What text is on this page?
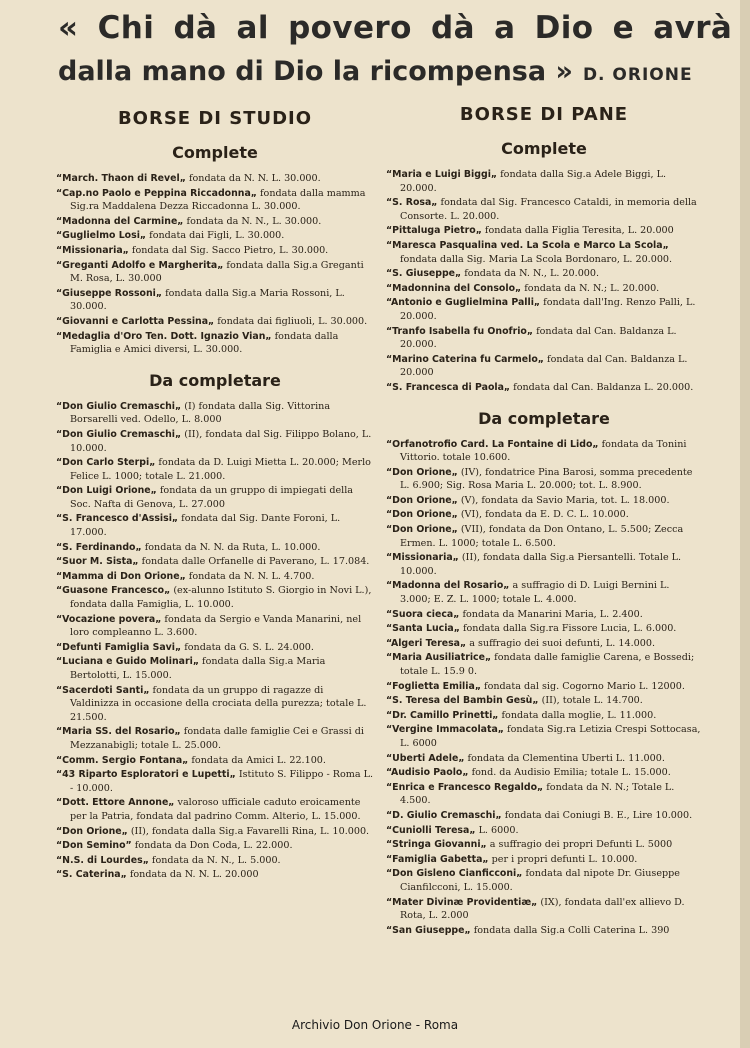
« Chi dà al povero dà a Dio e avrà
dalla mano di Dio la ricompensa » D. ORIONE
BORSE DI STUDIO
Complete
“March. Thaon di Revel„ fondata da N. N. L. 30.000.
“Cap.no Paolo e Peppina Riccadonna„ fondata dalla mamma Sig.ra Maddalena Dezza Riccadonna L. 30.000.
“Madonna del Carmine„ fondata da N. N., L. 30.000.
“Guglielmo Losi„ fondata dai Figli, L. 30.000.
“Missionaria„ fondata dal Sig. Sacco Pietro, L. 30.000.
“Greganti Adolfo e Margherita„ fondata dalla Sig.a Greganti M. Rosa, L. 30.000
“Giuseppe Rossoni„ fondata dalla Sig.a Maria Rossoni, L. 30.000.
“Giovanni e Carlotta Pessina„ fondata dai figliuoli, L. 30.000.
“Medaglia d'Oro Ten. Dott. Ignazio Vian„ fondata dalla Famiglia e Amici diversi, L. 30.000.
Da completare
“Don Giulio Cremaschi„ (I) fondata dalla Sig. Vittorina Borsarelli ved. Odello, L. 8.000
“Don Giulio Cremaschi„ (II), fondata dal Sig. Filippo Bolano, L. 10.000.
“Don Carlo Sterpi„ fondata da D. Luigi Mietta L. 20.000; Merlo Felice L. 1000; totale L. 21.000.
“Don Luigi Orione„ fondata da un gruppo di impiegati della Soc. Nafta di Genova, L. 27.000
“S. Francesco d'Assisi„ fondata dal Sig. Dante Foroni, L. 17.000.
“S. Ferdinando„ fondata da N. N. da Ruta, L. 10.000.
“Suor M. Sista„ fondata dalle Orfanelle di Paverano, L. 17.084.
“Mamma di Don Orione„ fondata da N. N. L. 4.700.
“Guasone Francesco„ (ex-alunno Istituto S. Giorgio in Novi L.), fondata dalla Famiglia, L. 10.000.
“Vocazione povera„ fondata da Sergio e Vanda Manarini, nel loro compleanno L. 3.600.
“Defunti Famiglia Savi„ fondata da G. S. L. 24.000.
“Luciana e Guido Molinari„ fondata dalla Sig.a Maria Bertolotti, L. 15.000.
“Sacerdoti Santi„ fondata da un gruppo di ragazze di Valdinizza in occasione della crociata della purezza; totale L. 21.500.
“Maria SS. del Rosario„ fondata dalle famiglie Cei e Grassi di Mezzanabigli; totale L. 25.000.
“Comm. Sergio Fontana„ fondata da Amici L. 22.100.
“43 Riparto Esploratori e Lupetti„ Istituto S. Filippo - Roma L. - 10.000.
“Dott. Ettore Annone„ valoroso ufficiale caduto eroicamente per la Patria, fondata dal padrino Comm. Alterio, L. 15.000.
“Don Orione„ (II), fondata dalla Sig.a Favarelli Rina, L. 10.000.
“Don Semino” fondata da Don Coda, L. 22.000.
“N.S. di Lourdes„ fondata da N. N., L. 5.000.
“S. Caterina„ fondata da N. N. L. 20.000
BORSE DI PANE
Complete
“Maria e Luigi Biggi„ fondata dalla Sig.a Adele Biggi, L. 20.000.
“S. Rosa„ fondata dal Sig. Francesco Cataldi, in memoria della Consorte. L. 20.000.
“Pittaluga Pietro„ fondata dalla Figlia Teresita, L. 20.000
“Maresca Pasqualina ved. La Scola e Marco La Scola„ fondata dalla Sig. Maria La Scola Bordonaro, L. 20.000.
“S. Giuseppe„ fondata da N. N., L. 20.000.
“Madonnina del Consolo„ fondata da N. N.; L. 20.000.
“Antonio e Guglielmina Palli„ fondata dall'Ing. Renzo Palli, L. 20.000.
“Tranfo Isabella fu Onofrio„ fondata dal Can. Baldanza L. 20.000.
“Marino Caterina fu Carmelo„ fondata dal Can. Baldanza L. 20.000
“S. Francesca di Paola„ fondata dal Can. Baldanza L. 20.000.
Da completare
“Orfanotrofio Card. La Fontaine di Lido„ fondata da Tonini Vittorio. totale 10.600.
“Don Orione„ (IV), fondatrice Pina Barosi, somma precedente L. 6.900; Sig. Rosa Maria L. 20.000; tot. L. 8.900.
“Don Orione„ (V), fondata da Savio Maria, tot. L. 18.000.
“Don Orione„ (VI), fondata da E. D. C. L. 10.000.
“Don Orione„ (VII), fondata da Don Ontano, L. 5.500; Zecca Ermen. L. 1000; totale L. 6.500.
“Missionaria„ (II), fondata dalla Sig.a Piersantelli. Totale L. 10.000.
“Madonna del Rosario„ a suffragio di D. Luigi Bernini L. 3.000; E. Z. L. 1000; totale L. 4.000.
“Suora cieca„ fondata da Manarini Maria, L. 2.400.
“Santa Lucia„ fondata dalla Sig.ra Fissore Lucia, L. 6.000.
“Algeri Teresa„ a suffragio dei suoi defunti, L. 14.000.
“Maria Ausiliatrice„ fondata dalle famiglie Carena, e Bossedi; totale L. 15.9 0.
“Foglietta Emilia„ fondata dal sig. Cogorno Mario L. 12000.
“S. Teresa del Bambin Gesù„ (II), totale L. 14.700.
“Dr. Camillo Prinetti„ fondata dalla moglie, L. 11.000.
“Vergine Immacolata„ fondata Sig.ra Letizia Crespi Sottocasa, L. 6000
“Uberti Adele„ fondata da Clementina Uberti L. 11.000.
“Audisio Paolo„ fond. da Audisio Emilia; totale L. 15.000.
“Enrica e Francesco Regaldo„ fondata da N. N.; Totale L. 4.500.
“D. Giulio Cremaschi„ fondata dai Coniugi B. E., Lire 10.000.
“Cuniolli Teresa„ L. 6000.
“Stringa Giovanni„ a suffragio dei propri Defunti L. 5000
“Famiglia Gabetta„ per i propri defunti L. 10.000.
“Don Gisleno Cianficconi„ fondata dal nipote Dr. Giuseppe Cianfilcconi, L. 15.000.
“Mater Divinæ Providentiæ„ (IX), fondata dall'ex allievo D. Rota, L. 2.000
“San Giuseppe„ fondata dalla Sig.a Colli Caterina L. 390
Archivio Don Orione - Roma
